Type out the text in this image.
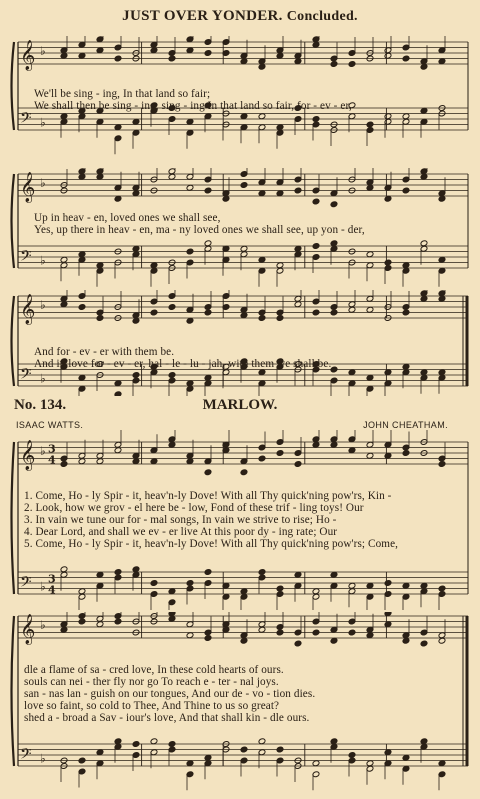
JUST OVER YONDER. Concluded.
𝄞 ♭
𝄢 ♭
We'll be sing - ing, In that land so fair;
We shall then be sing - ing, sing - ing In that land so fair, for - ev - er,
𝄞 ♭
𝄢 ♭
Up in heav - en, loved ones we shall see,
Yes, up there in heav - en, ma - ny loved ones we shall see, up yon - der,
𝄞 ♭
𝄢 ♭
And for - ev - er with them be.
And in love for - ev - er, hal - le - lu - jah, with them we shall be.
No. 134.	MARLOW.
ISAAC WATTS.	JOHN CHEATHAM.
𝄞 ♭ 3
4
𝄢 ♭
3
4
1. Come, Ho - ly Spir - it, heav'n-ly Dove! With all Thy quick'ning pow'rs, Kin -
2. Look, how we grov - el here be - low, Fond of these trif - ling toys! Our
3. In vain we tune our for - mal songs, In vain we strive to rise; Ho -
4. Dear Lord, and shall we ev - er live At this poor dy - ing rate; Our
5. Come, Ho - ly Spir - it, heav'n-ly Dove! With all Thy quick'ning pow'rs; Come,
𝄞 ♭
𝄢 ♭
dle a flame of sa - cred love, In these cold hearts of ours.
souls can nei - ther fly nor go To reach e - ter - nal joys.
san - nas lan - guish on our tongues, And our de - vo - tion dies.
love so faint, so cold to Thee, And Thine to us so great?
shed a - broad a Sav - iour's love, And that shall kin - dle ours.
